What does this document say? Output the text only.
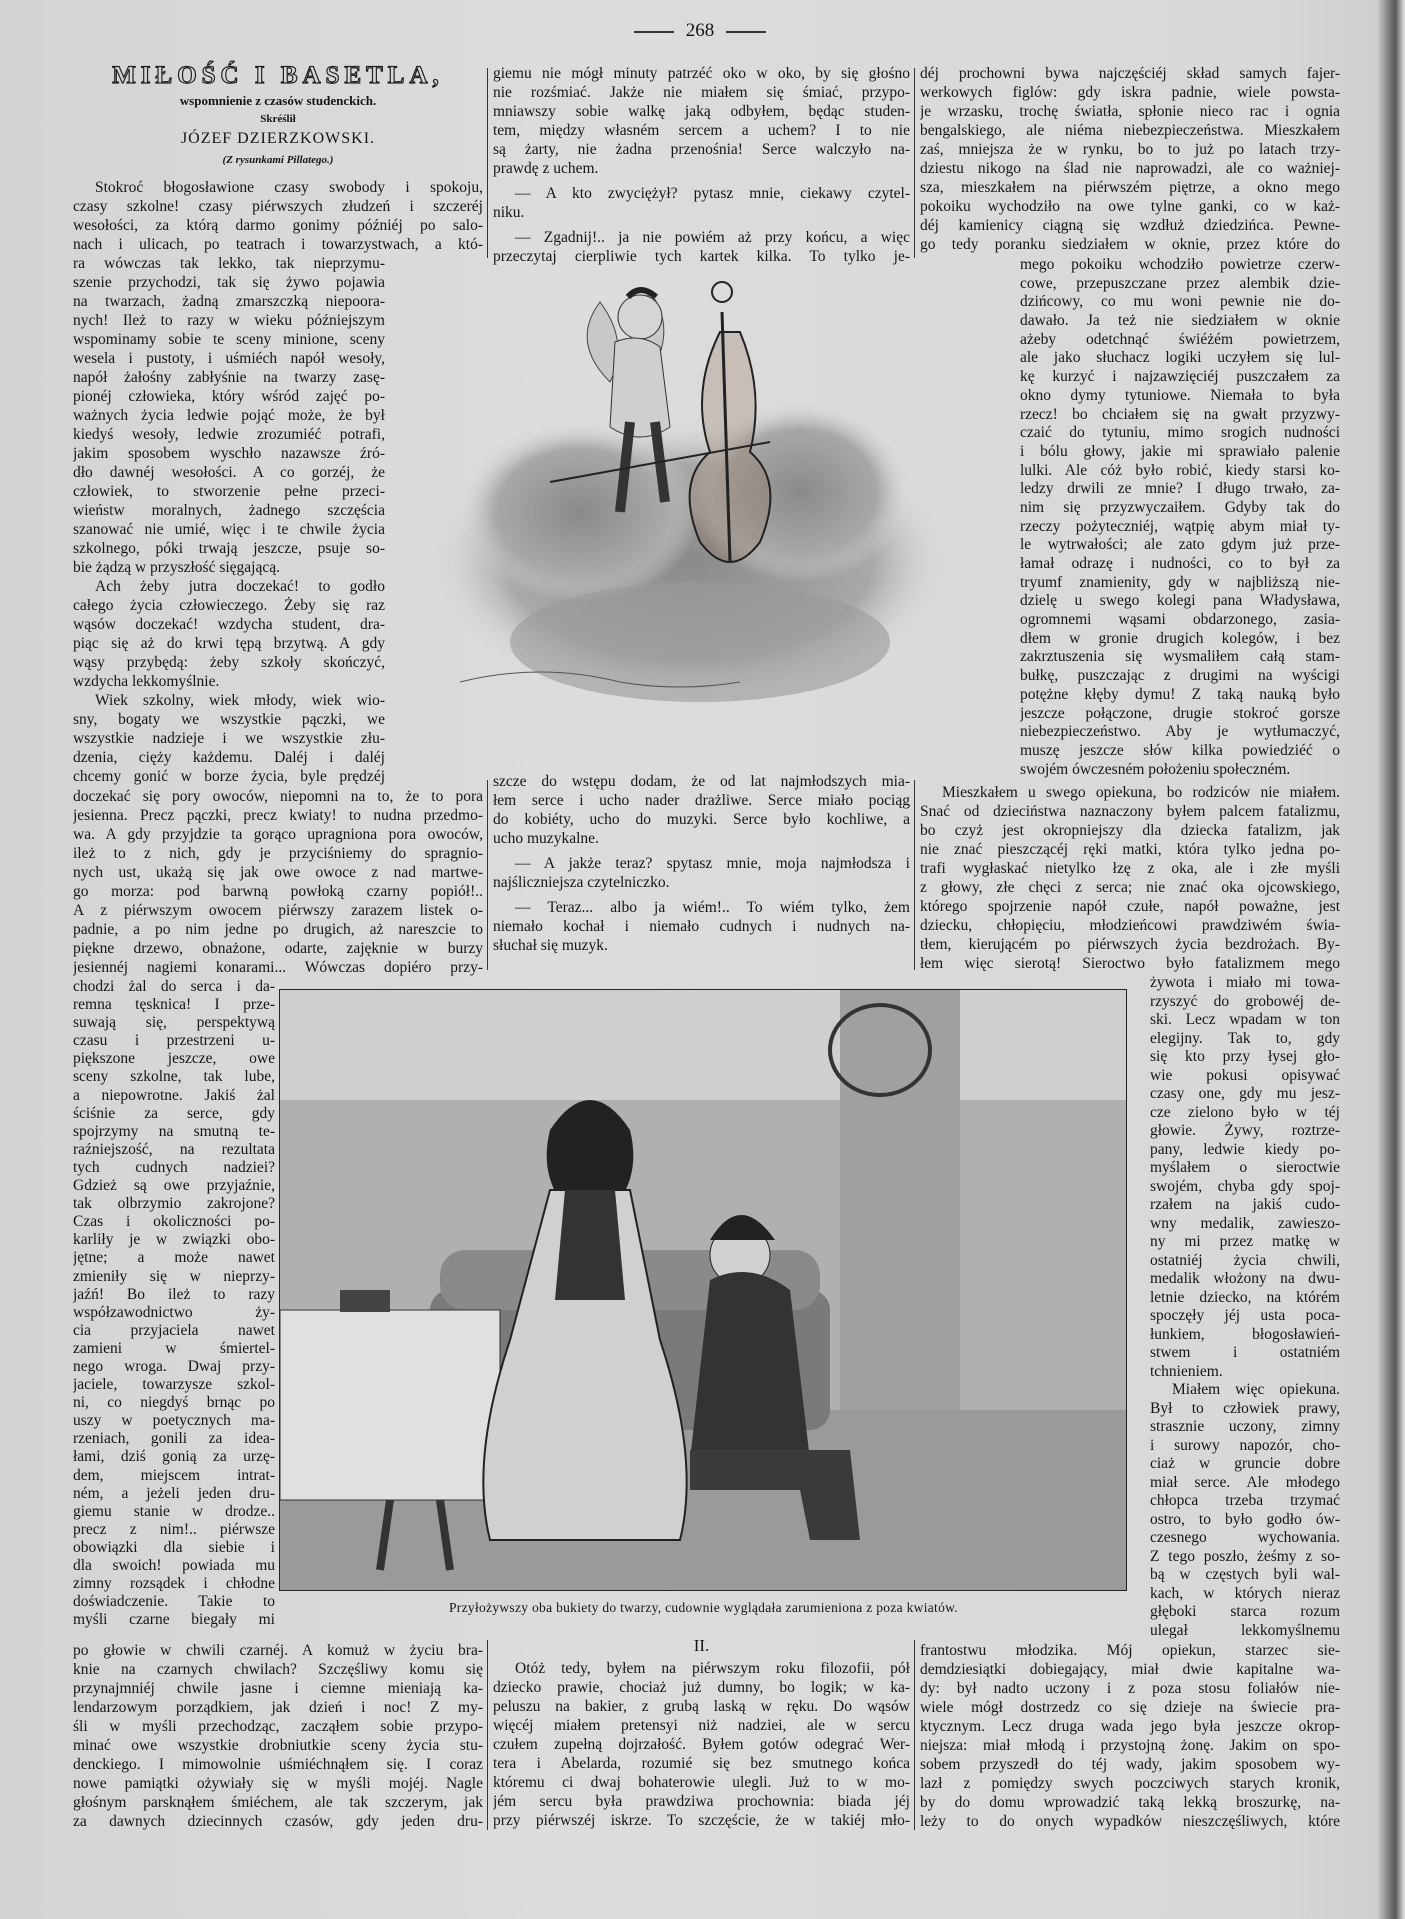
268
MIŁOŚĆ I BASETLA,
wspomnienie z czasów studenckich.
Skréślił
JÓZEF DZIERZKOWSKI.
(Z rysunkami Pillatego.)
Stokroć błogosławione czasy swobody i spokoju,
czasy szkolne! czasy piérwszych złudzeń i szczeréj
wesołości, za którą darmo gonimy późniéj po salo-
nach i ulicach, po teatrach i towarzystwach, a któ-
ra wówczas tak lekko, tak nieprzymu-
szenie przychodzi, tak się żywo pojawia
na twarzach, żadną zmarszczką niepoora-
nych! Ileż to razy w wieku późniejszym
wspominamy sobie te sceny minione, sceny
wesela i pustoty, i uśmiéch napół wesoły,
napół żałośny zabłyśnie na twarzy zasę-
pionéj człowieka, który wśród zajęć po-
ważnych życia ledwie pojąć może, że był
kiedyś wesoły, ledwie zrozumiéć potrafi,
jakim sposobem wyschło nazawsze źró-
dło dawnéj wesołości. A co gorzéj, że
człowiek, to stworzenie pełne przeci-
wieństw moralnych, żadnego szczęścia
szanować nie umié, więc i te chwile życia
szkolnego, póki trwają jeszcze, psuje so-
bie żądzą w przyszłość sięgającą.
Ach żeby jutra doczekać! to godło
całego życia człowieczego. Żeby się raz
wąsów doczekać! wzdycha student, dra-
piąc się aż do krwi tępą brzytwą. A gdy
wąsy przybędą: żeby szkoły skończyć,
wzdycha lekkomyślnie.
Wiek szkolny, wiek młody, wiek wio-
sny, bogaty we wszystkie pączki, we
wszystkie nadzieje i we wszystkie złu-
dzenia, cięży każdemu. Daléj i daléj
chcemy gonić w borze życia, byle prędzéj
doczekać się pory owoców, niepomni na to, że to pora
jesienna. Precz pączki, precz kwiaty! to nudna przedmo-
wa. A gdy przyjdzie ta gorąco upragniona pora owoców,
ileż to z nich, gdy je przyciśniemy do spragnio-
nych ust, ukażą się jak owe owoce z nad martwe-
go morza: pod barwną powłoką czarny popiół!..
A z piérwszym owocem piérwszy zarazem listek o-
padnie, a po nim jedne po drugich, aż nareszcie to
piękne drzewo, obnażone, odarte, zajęknie w burzy
jesiennéj nagiemi konarami... Wówczas dopiéro przy-
chodzi żal do serca i da-
remna tęsknica! I prze-
suwają się, perspektywą
czasu i przestrzeni u-
piększone jeszcze, owe
sceny szkolne, tak lube,
a niepowrotne. Jakiś żal
ściśnie za serce, gdy
spojrzymy na smutną te-
raźniejszość, na rezultata
tych cudnych nadziei?
Gdzież są owe przyjaźnie,
tak olbrzymio zakrojone?
Czas i okoliczności po-
karliły je w związki obo-
jętne; a może nawet
zmieniły się w nieprzy-
jaźń! Bo ileż to razy
współzawodnictwo ży-
cia przyjaciela nawet
zamieni w śmiertel-
nego wroga. Dwaj przy-
jaciele, towarzysze szkol-
ni, co niegdyś brnąc po
uszy w poetycznych ma-
rzeniach, gonili za idea-
łami, dziś gonią za urzę-
dem, miejscem intrat-
ném, a jeżeli jeden dru-
giemu stanie w drodze..
precz z nim!.. piérwsze
obowiązki dla siebie i
dla swoich! powiada mu
zimny rozsądek i chłodne
doświadczenie. Takie to
myśli czarne biegały mi
po głowie w chwili czarnéj. A komuż w życiu bra-
knie na czarnych chwilach? Szczęśliwy komu się
przynajmniéj chwile jasne i ciemne mieniają ka-
lendarzowym porządkiem, jak dzień i noc! Z my-
śli w myśli przechodząc, zacząłem sobie przypo-
minać owe wszystkie drobniutkie sceny życia stu-
denckiego. I mimowolnie uśmiéchnąłem się. I coraz
nowe pamiątki ożywiały się w myśli mojéj. Nagle
głośnym parsknąłem śmiéchem, ale tak szczerym, jak
za dawnych dziecinnych czasów, gdy jeden dru-
giemu nie mógł minuty patrzéć oko w oko, by się głośno
nie rozśmiać. Jakże nie miałem się śmiać, przypo-
mniawszy sobie walkę jaką odbyłem, będąc studen-
tem, między własném sercem a uchem? I to nie
są żarty, nie żadna przenośnia! Serce walczyło na-
prawdę z uchem.
— A kto zwyciężył? pytasz mnie, ciekawy czytel-
niku.
— Zgadnij!.. ja nie powiém aż przy końcu, a więc
przeczytaj cierpliwie tych kartek kilka. To tylko je-
szcze do wstępu dodam, że od lat najmłodszych mia-
łem serce i ucho nader drażliwe. Serce miało pociąg
do kobiéty, ucho do muzyki. Serce było kochliwe, a
ucho muzykalne.
— A jakże teraz? spytasz mnie, moja najmłodsza i
najśliczniejsza czytelniczko.
— Teraz... albo ja wiém!.. To wiém tylko, żem
niemało kochał i niemało cudnych i nudnych na-
słuchał się muzyk.
II.
Otóż tedy, byłem na piérwszym roku filozofii, pół
dziecko prawie, chociaż już dumny, bo logik; w ka-
peluszu na bakier, z grubą laską w ręku. Do wąsów
więcéj miałem pretensyi niż nadziei, ale w sercu
czułem zupełną dojrzałość. Byłem gotów odegrać Wer-
tera i Abelarda, rozumié się bez smutnego końca
któremu ci dwaj bohaterowie ulegli. Już to w mo-
jém sercu była prawdziwa prochownia: biada jéj
przy piérwszéj iskrze. To szczęście, że w takiéj mło-
déj prochowni bywa najczęściéj skład samych fajer-
werkowych figlów: gdy iskra padnie, wiele powsta-
je wrzasku, trochę światła, spłonie nieco rac i ognia
bengalskiego, ale niéma niebezpieczeństwa. Mieszkałem
zaś, mniejsza że w rynku, bo to już po latach trzy-
dziestu nikogo na ślad nie naprowadzi, ale co ważniej-
sza, mieszkałem na piérwszém piętrze, a okno mego
pokoiku wychodziło na owe tylne ganki, co w każ-
déj kamienicy ciągną się wzdłuż dziedzińca. Pewne-
go tedy poranku siedziałem w oknie, przez które do
mego pokoiku wchodziło powietrze czerw-
cowe, przepuszczane przez alembik dzie-
dzińcowy, co mu woni pewnie nie do-
dawało. Ja też nie siedziałem w oknie
ażeby odetchnąć świéżém powietrzem,
ale jako słuchacz logiki uczyłem się lul-
kę kurzyć i najzawzięciéj puszczałem za
okno dymy tytuniowe. Niemała to była
rzecz! bo chciałem się na gwałt przyzwy-
czaić do tytuniu, mimo srogich nudności
i bólu głowy, jakie mi sprawiało palenie
lulki. Ale cóż było robić, kiedy starsi ko-
ledzy drwili ze mnie? I długo trwało, za-
nim się przyzwyczaiłem. Gdyby tak do
rzeczy pożyteczniéj, wątpię abym miał ty-
le wytrwałości; ale zato gdym już prze-
łamał odrazę i nudności, co to był za
tryumf znamienity, gdy w najbliższą nie-
dzielę u swego kolegi pana Władysława,
ogromnemi wąsami obdarzonego, zasia-
dłem w gronie drugich kolegów, i bez
zakrztuszenia się wysmaliłem całą stam-
bułkę, puszczając z drugimi na wyścigi
potężne kłęby dymu! Z taką nauką było
jeszcze połączone, drugie stokroć gorsze
niebezpieczeństwo. Aby je wytłumaczyć,
muszę jeszcze słów kilka powiedziéć o
swojém ówczesném położeniu społeczném.
Mieszkałem u swego opiekuna, bo rodziców nie miałem.
Snać od dzieciństwa naznaczony byłem palcem fatalizmu,
bo czyż jest okropniejszy dla dziecka fatalizm, jak
nie znać pieszczącéj ręki matki, która tylko jedna po-
trafi wygłaskać nietylko łzę z oka, ale i złe myśli
z głowy, złe chęci z serca; nie znać oka ojcowskiego,
którego spojrzenie napół czułe, napół poważne, jest
dziecku, chłopięciu, młodzieńcowi prawdziwém świa-
tłem, kierującém po piérwszych życia bezdrożach. By-
łem więc sierotą! Sieroctwo było fatalizmem mego
żywota i miało mi towa-
rzyszyć do grobowéj de-
ski. Lecz wpadam w ton
elegijny. Tak to, gdy
się kto przy łysej gło-
wie pokusi opisywać
czasy one, gdy mu jesz-
cze zielono było w téj
głowie. Żywy, roztrze-
pany, ledwie kiedy po-
myślałem o sieroctwie
swojém, chyba gdy spoj-
rzałem na jakiś cudo-
wny medalik, zawieszo-
ny mi przez matkę w
ostatniéj życia chwili,
medalik włożony na dwu-
letnie dziecko, na którém
spoczęły jéj usta poca-
łunkiem, błogosławień-
stwem i ostatniém
tchnieniem.
Miałem więc opiekuna.
Był to człowiek prawy,
strasznie uczony, zimny
i surowy napozór, cho-
ciaż w gruncie dobre
miał serce. Ale młodego
chłopca trzeba trzymać
ostro, to było godło ów-
czesnego wychowania.
Z tego poszło, żeśmy z so-
bą w częstych byli wal-
kach, w których nieraz
głęboki starca rozum
ulegał lekkomyślnemu
frantostwu młodzika. Mój opiekun, starzec sie-
demdziesiątki dobiegający, miał dwie kapitalne wa-
dy: był nadto uczony i z poza stosu foliałów nie-
wiele mógł dostrzedz co się dzieje na świecie pra-
ktycznym. Lecz druga wada jego była jeszcze okrop-
niejsza: miał młodą i przystojną żonę. Jakim on spo-
sobem przyszedł do téj wady, jakim sposobem wy-
lazł z pomiędzy swych poczciwych starych kronik,
by do domu wprowadzić taką lekką broszurkę, na-
leży to do onych wypadków nieszczęśliwych, które
Przyłożywszy oba bukiety do twarzy, cudownie wyglądała zarumieniona z poza kwiatów.
